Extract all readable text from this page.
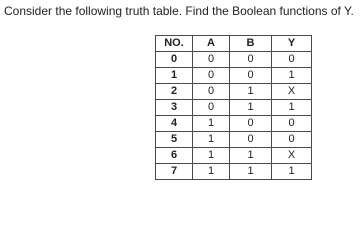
Consider the following truth table. Find the Boolean functions of Y.
NO.	A	B	Y
0	0	0	0
1	0	0	1
2	0	1	X
3	0	1	1
4	1	0	0
5	1	0	0
6	1	1	X
7	1	1	1
